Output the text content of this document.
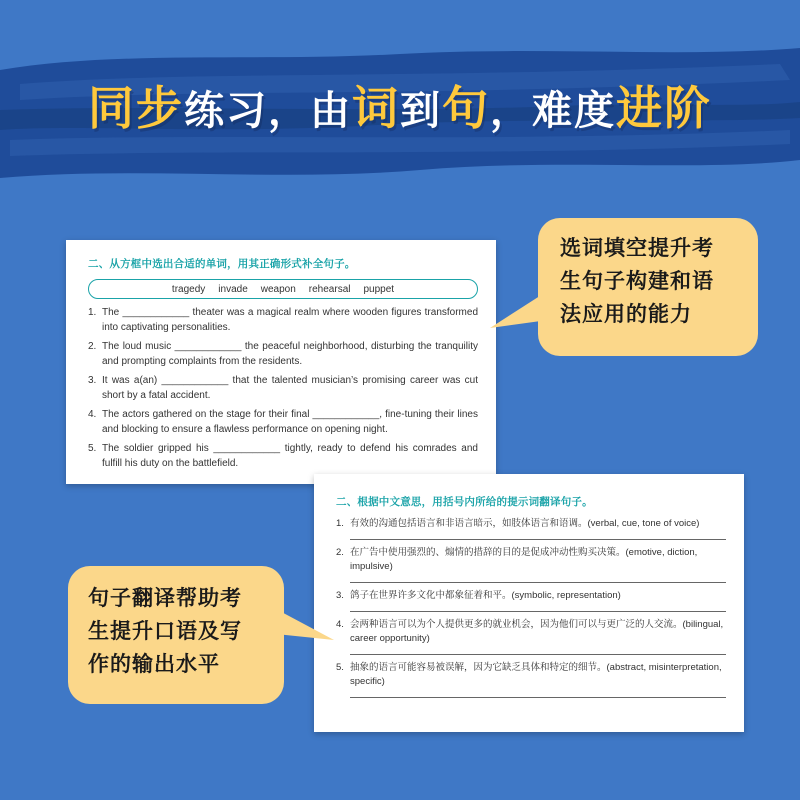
同步练习，由词到句，难度进阶
二、从方框中选出合适的单词，用其正确形式补全句子。
tragedy invade weapon rehearsal puppet
1. The ____________ theater was a magical realm where wooden figures transformed into captivating personalities.
2. The loud music ____________ the peaceful neighborhood, disturbing the tranquility and prompting complaints from the residents.
3. It was a(an) ____________ that the talented musician’s promising career was cut short by a fatal accident.
4. The actors gathered on the stage for their final ____________, fine-tuning their lines and blocking to ensure a flawless performance on opening night.
5. The soldier gripped his ____________ tightly, ready to defend his comrades and fulfill his duty on the battlefield.
二、根据中文意思，用括号内所给的提示词翻译句子。
1. 有效的沟通包括语言和非语言暗示，如肢体语言和语调。(verbal, cue, tone of voice)
2. 在广告中使用强烈的、煽情的措辞的目的是促成冲动性购买决策。(emotive, diction, impulsive)
3. 鸽子在世界许多文化中都象征着和平。(symbolic, representation)
4. 会两种语言可以为个人提供更多的就业机会，因为他们可以与更广泛的人交流。(bilingual, career opportunity)
5. 抽象的语言可能容易被误解，因为它缺乏具体和特定的细节。(abstract, misinterpretation, specific)
选词填空提升考
生句子构建和语
法应用的能力
句子翻译帮助考
生提升口语及写
作的输出水平
